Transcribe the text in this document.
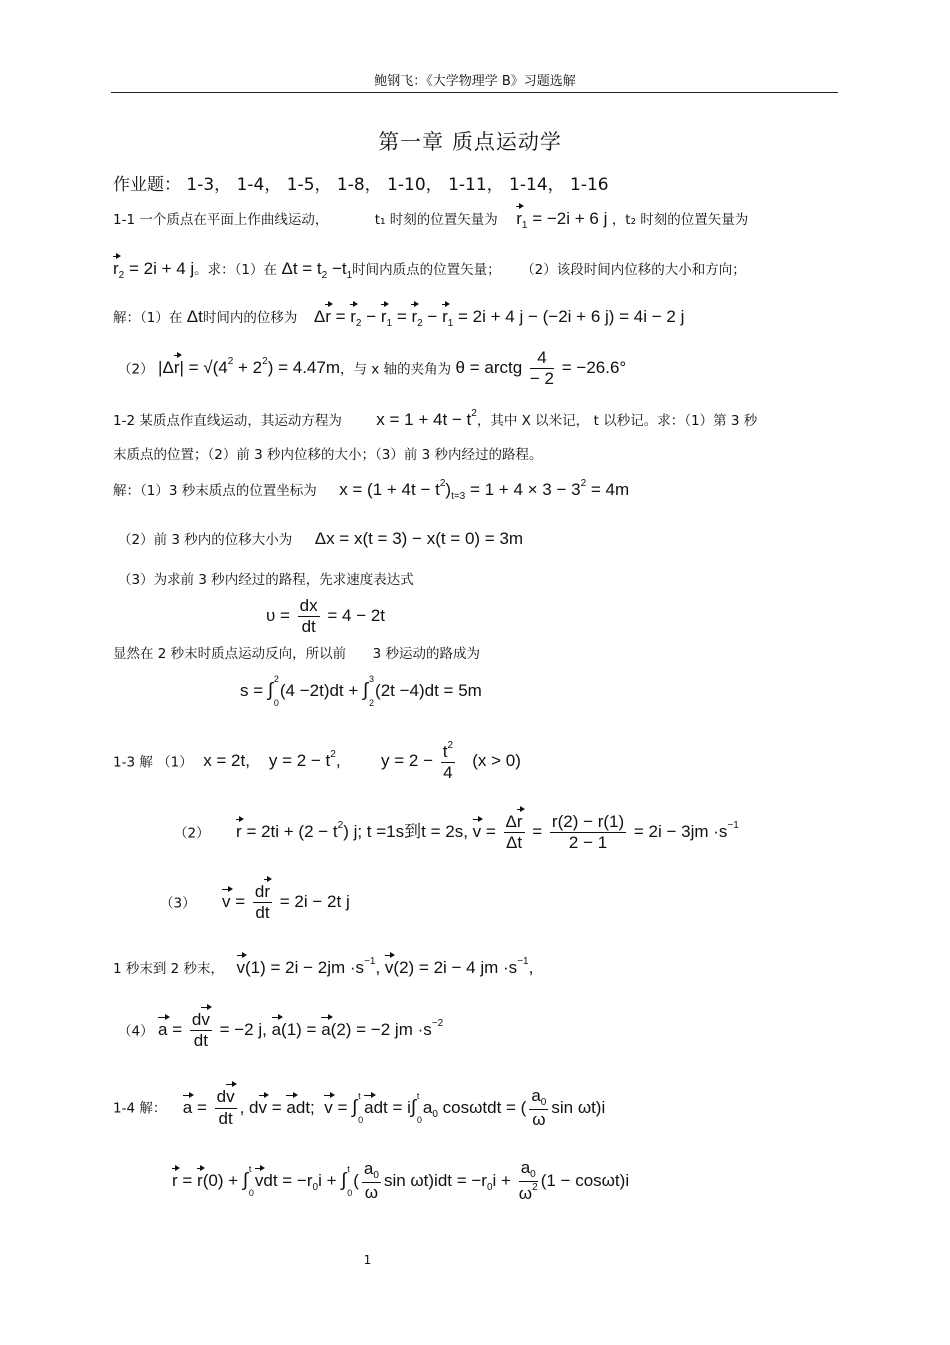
鲍钢飞：《大学物理学 B》习题选解
第一章 质点运动学
作业题： 1-3， 1-4， 1-5， 1-8， 1-10， 1-11， 1-14， 1-16
1-1 一个质点在平面上作曲线运动，	t₁ 时刻的位置矢量为 $r_1 = -2i + 6$ j ，t₂ 时刻的位置矢量为
$r_2 = 2i + 4$ j。求：（1）在 $\Delta t = t_2 -t_1$时间内质点的位置矢量； （2）该段时间内位移的大小和方向；
解：（1）在 Δt时间内的位移为 $\Delta r = r_2 - r_1 = r_2 - r_1 = 2i + 4$ j − (−2i + 6 j) = 4i − 2 j
（2） $|\Delta r| = √(4^2 + 2^2) = 4.47m$，与 x 轴的夹角为 θ = arctg $\frac{4}{- 2} = -26.6^\circ$
1-2 某质点作直线运动，其运动方程为 $x = 1 + 4t - t^2$，其中 X 以米记， t 以秒记。求：（1）第 3 秒
末质点的位置；（2）前 3 秒内位移的大小；（3）前 3 秒内经过的路程。
解：（1）3 秒末质点的位置坐标为 $x = (1 + 4t - t^2)_{t=3} = 1 + 4 \times 3 - 3^2 = 4m$
（2）前 3 秒内的位移大小为 Δx = x(t = 3) − x(t = 0) = 3m
（3）为求前 3 秒内经过的路程，先求速度表达式
$\upsilon = \frac{dx}{dt} = 4 - 2t$
显然在 2 秒末时质点运动反向，所以前 3 秒运动的路成为
s = ∫
2
0
(4 −2t)dt + ∫
3
2
(2t −4)dt = 5m
1-3 解 （1） x = 2t,    $y = 2 - t^2$, $y = 2 - \frac{t^2}{4} (x > 0)$
（2） $r = 2ti + (2 - t^2)$ j; t =1s到t = 2s, $v = \frac{\Delta r}{\Delta t} = \frac{r(2) - r(1)}{2 - 1} = 2i - 3jm \cdot s^{-1}$
（3） $v = \frac{dr}{dt} = 2i - 2t$ j
1 秒末到 2 秒末， $v(1) = 2i - 2jm \cdot s^{-1}$, v(2) = 2i − 4 jm $\cdot s^{-1}$,
（4） $a = \frac{dv}{dt} = -2$ j, a(1) = a(2) = −2 jm $\cdot s^{-2}$
1-4 解： $a = \frac{dv}{dt}$ , dv = adt;  v = ∫
t
0
adt = i∫
t
0
$a_0$ cosωtdt = ( $\frac{a_0}{\omega}$ sin ωt)i
r = r(0) + ∫
t
0
vdt = $-r_0i$ + ∫
t
0
( $\frac{a_0}{\omega}$ $\sin \omega t)idt = -r_0i + \frac{a_0}{\omega^2} (1 - \cos\omega t)i$
1
